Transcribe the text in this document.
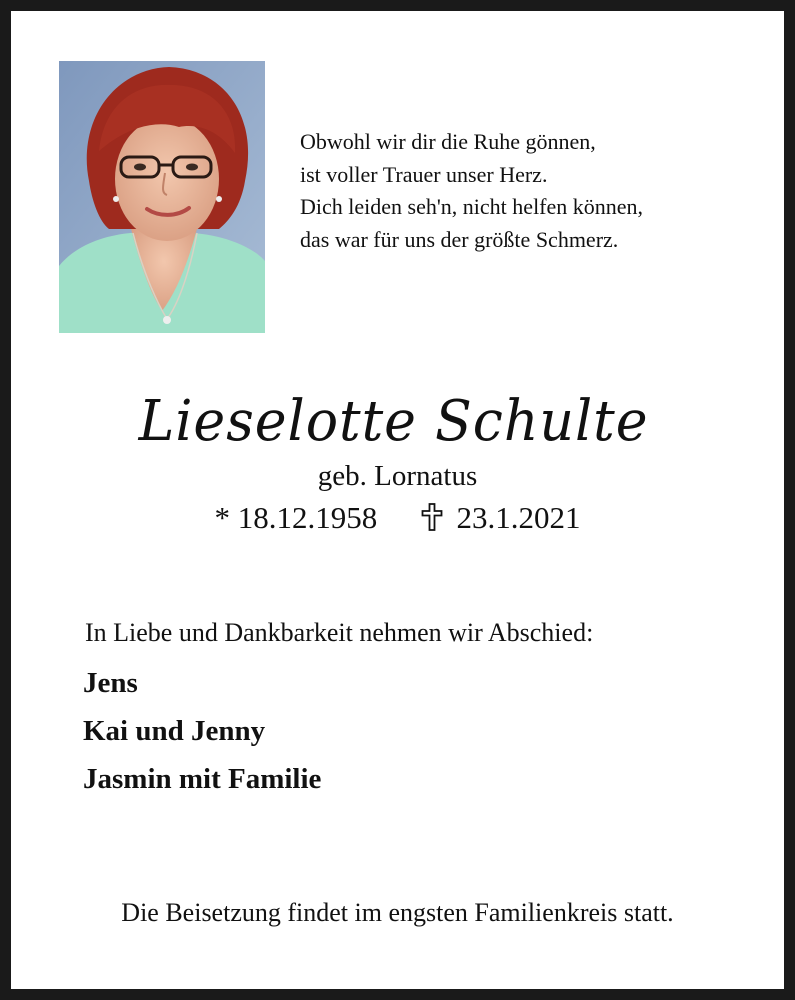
Obwohl wir dir die Ruhe gönnen,
ist voller Trauer unser Herz.
Dich leiden seh'n, nicht helfen können,
das war für uns der größte Schmerz.
Lieselotte Schulte
geb. Lornatus
* 18.12.1958	23.1.2021
In Liebe und Dankbarkeit nehmen wir Abschied:
Jens
Kai und Jenny
Jasmin mit Familie
Die Beisetzung findet im engsten Familienkreis statt.
